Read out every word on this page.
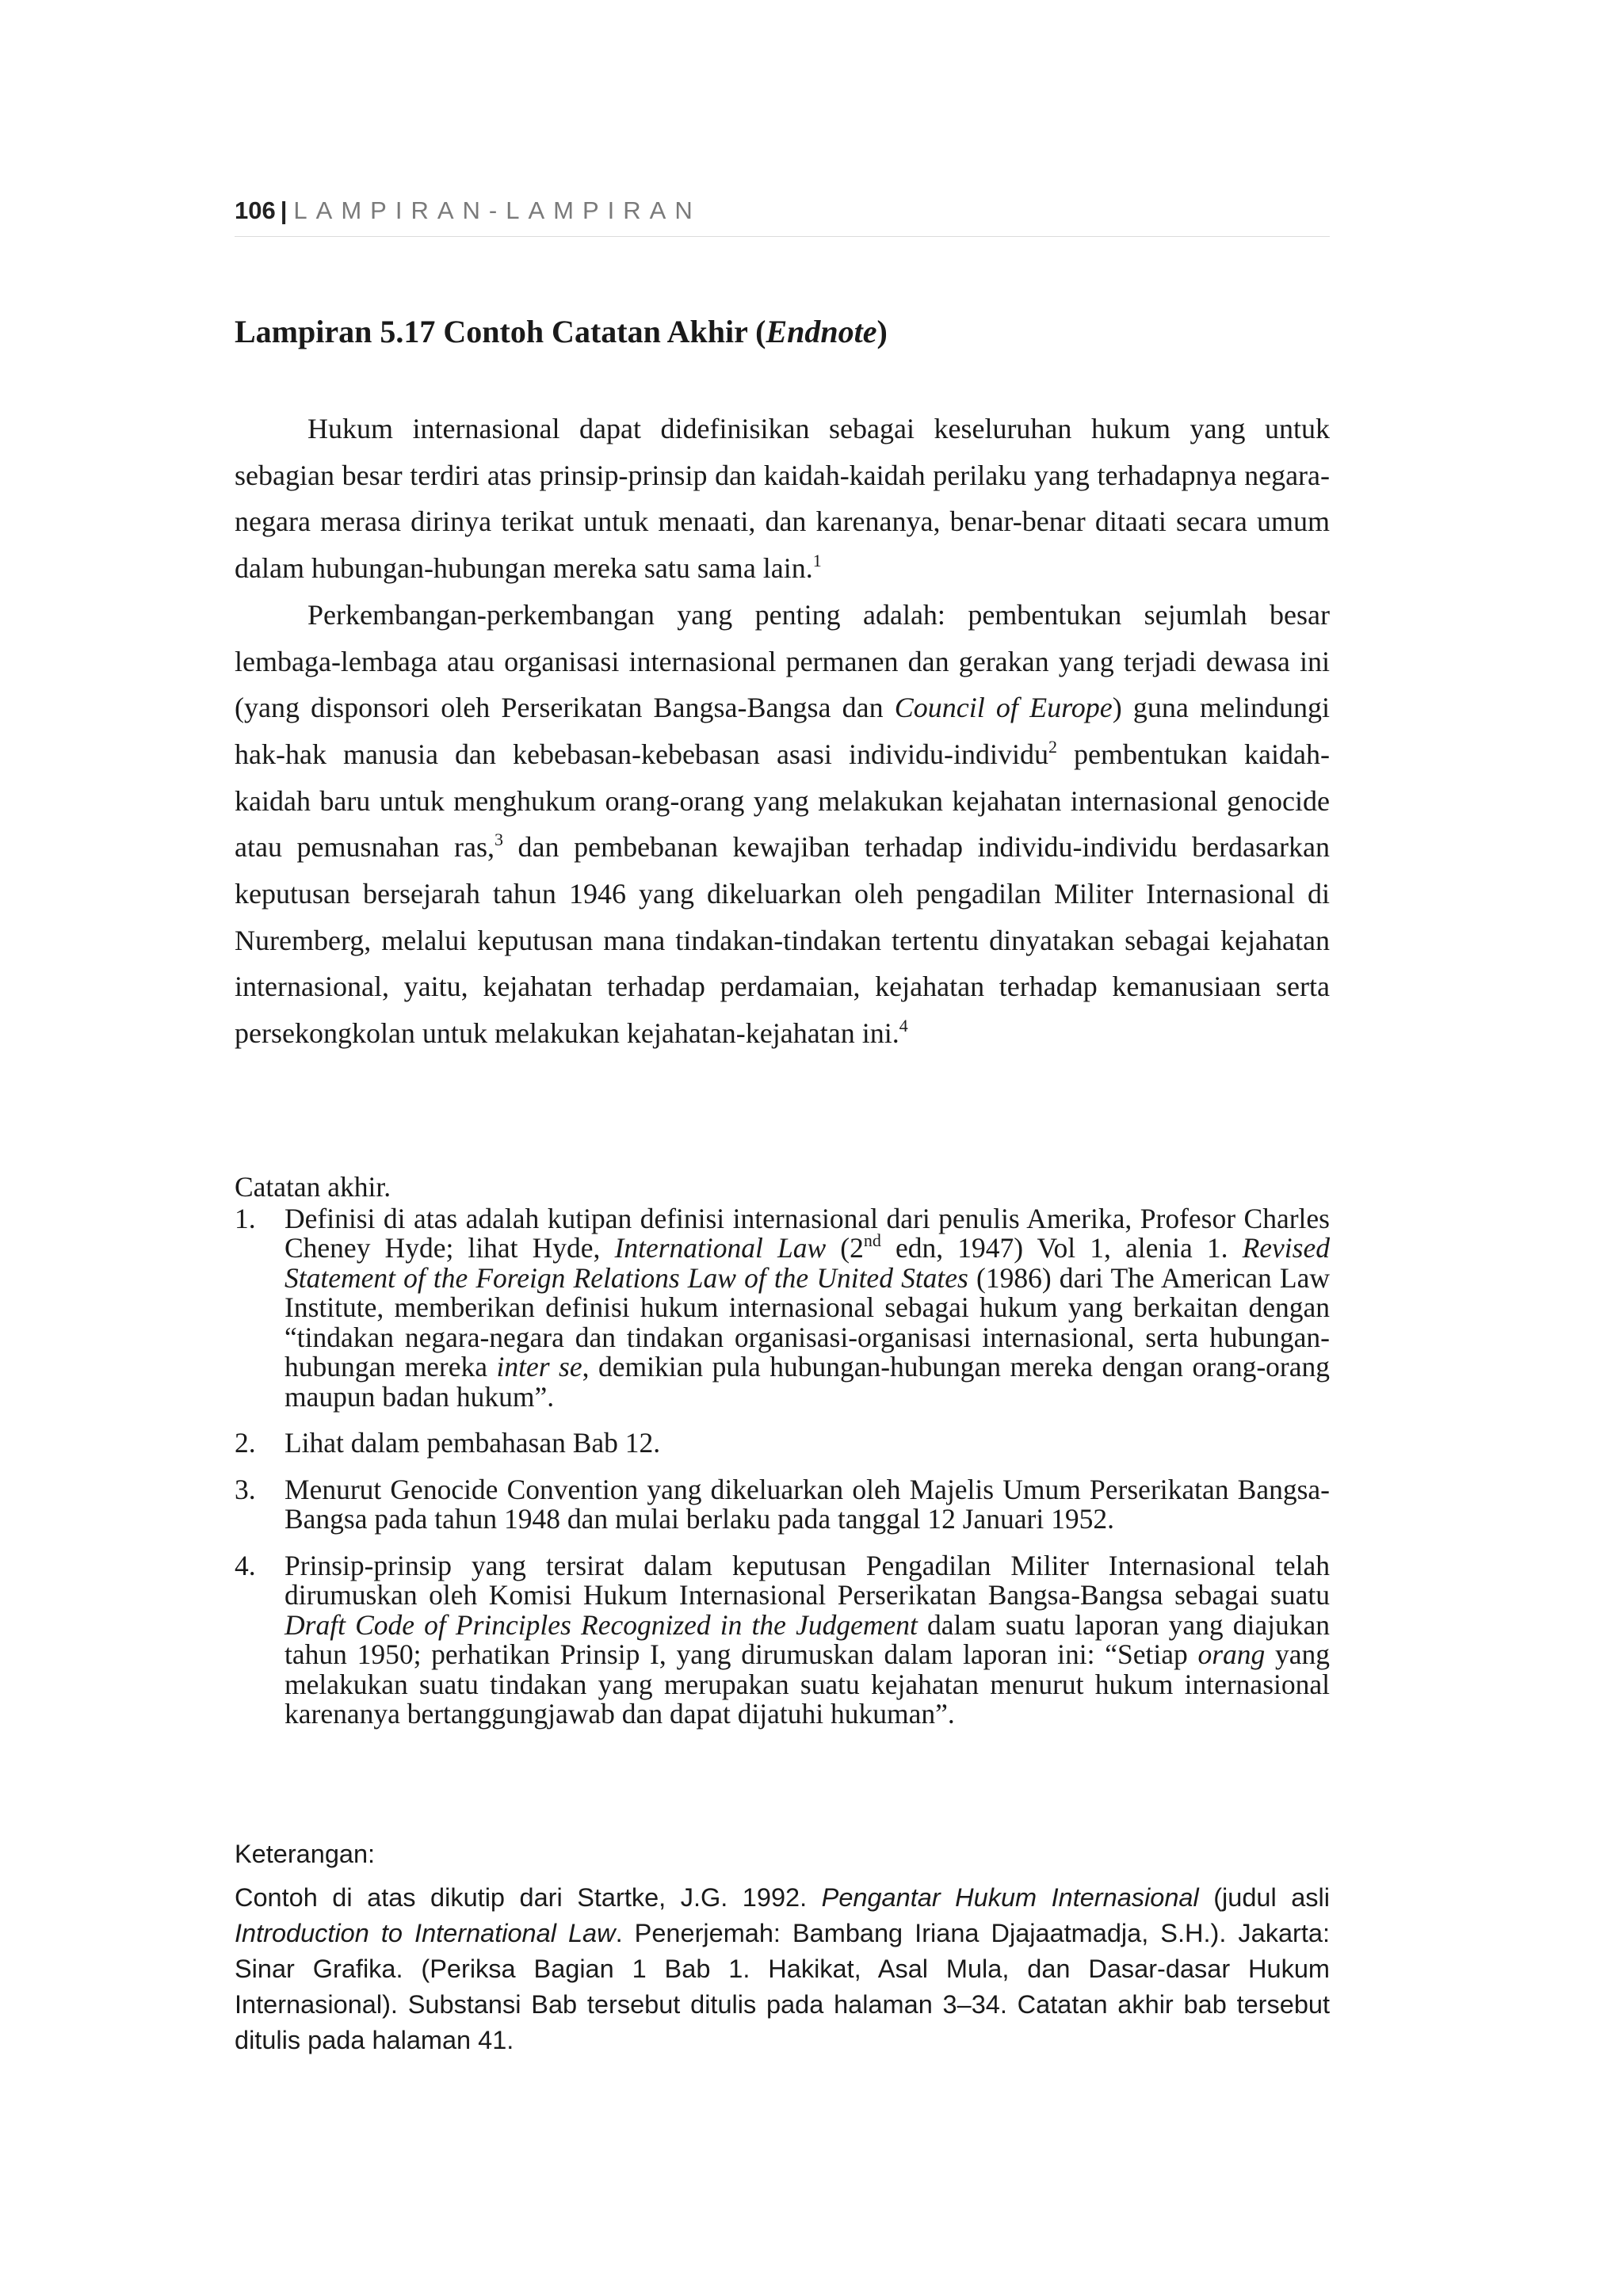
106 | LAMPIRAN-LAMPIRAN
Lampiran 5.17 Contoh Catatan Akhir (Endnote)

Hukum internasional dapat didefinisikan sebagai keseluruhan hukum yang untuk sebagian besar terdiri atas prinsip-prinsip dan kaidah-kaidah perilaku yang terhadapnya negara-negara merasa dirinya terikat untuk menaati, dan karenanya, benar-benar ditaati secara umum dalam hubungan-hubungan mereka satu sama lain.$^1$

Perkembangan-perkembangan yang penting adalah: pembentukan sejumlah besar lembaga-lembaga atau organisasi internasional permanen dan gerakan yang terjadi dewasa ini (yang disponsori oleh Perserikatan Bangsa-Bangsa dan Council of Europe) guna melindungi hak-hak manusia dan kebebasan-kebebasan asasi individu-individu$^2$ pembentukan kaidah-kaidah baru untuk menghukum orang-orang yang melakukan kejahatan internasional genocide atau pemusnahan ras,$^3$ dan pembebanan kewajiban terhadap individu-individu berdasarkan keputusan bersejarah tahun 1946 yang dikeluarkan oleh pengadilan Militer Internasional di Nuremberg, melalui keputusan mana tindakan-tindakan tertentu dinyatakan sebagai kejahatan internasional, yaitu, kejahatan terhadap perdamaian, kejahatan terhadap kemanusiaan serta persekongkolan untuk melakukan kejahatan-kejahatan ini.$^4$

Catatan akhir.

1.	Definisi di atas adalah kutipan definisi internasional dari penulis Amerika, Profesor Charles Cheney Hyde; lihat Hyde, International Law (2nd edn, 1947) Vol 1, alenia 1. Revised Statement of the Foreign Relations Law of the United States (1986) dari The American Law Institute, memberikan definisi hukum internasional sebagai hukum yang berkaitan dengan “tindakan negara-negara dan tindakan organisasi-organisasi internasional, serta hubungan-hubungan mereka inter se, demikian pula hubungan-hubungan mereka dengan orang-orang maupun badan hukum”.
2.	Lihat dalam pembahasan Bab 12.
3.	Menurut Genocide Convention yang dikeluarkan oleh Majelis Umum Perserikatan Bangsa-Bangsa pada tahun 1948 dan mulai berlaku pada tanggal 12 Januari 1952.
4.	Prinsip-prinsip yang tersirat dalam keputusan Pengadilan Militer Internasional telah dirumuskan oleh Komisi Hukum Internasional Perserikatan Bangsa-Bangsa sebagai suatu Draft Code of Principles Recognized in the Judgement dalam suatu laporan yang diajukan tahun 1950; perhatikan Prinsip I, yang dirumuskan dalam laporan ini: “Setiap orang yang melakukan suatu tindakan yang merupakan suatu kejahatan menurut hukum internasional karenanya bertanggungjawab dan dapat dijatuhi hukuman”.

Keterangan:

Contoh di atas dikutip dari Startke, J.G. 1992. Pengantar Hukum Internasional (judul asli Introduction to International Law. Penerjemah: Bambang Iriana Djajaatmadja, S.H.). Jakarta: Sinar Grafika. (Periksa Bagian 1 Bab 1. Hakikat, Asal Mula, dan Dasar-dasar Hukum Internasional). Substansi Bab tersebut ditulis pada halaman 3–34. Catatan akhir bab tersebut ditulis pada halaman 41.
